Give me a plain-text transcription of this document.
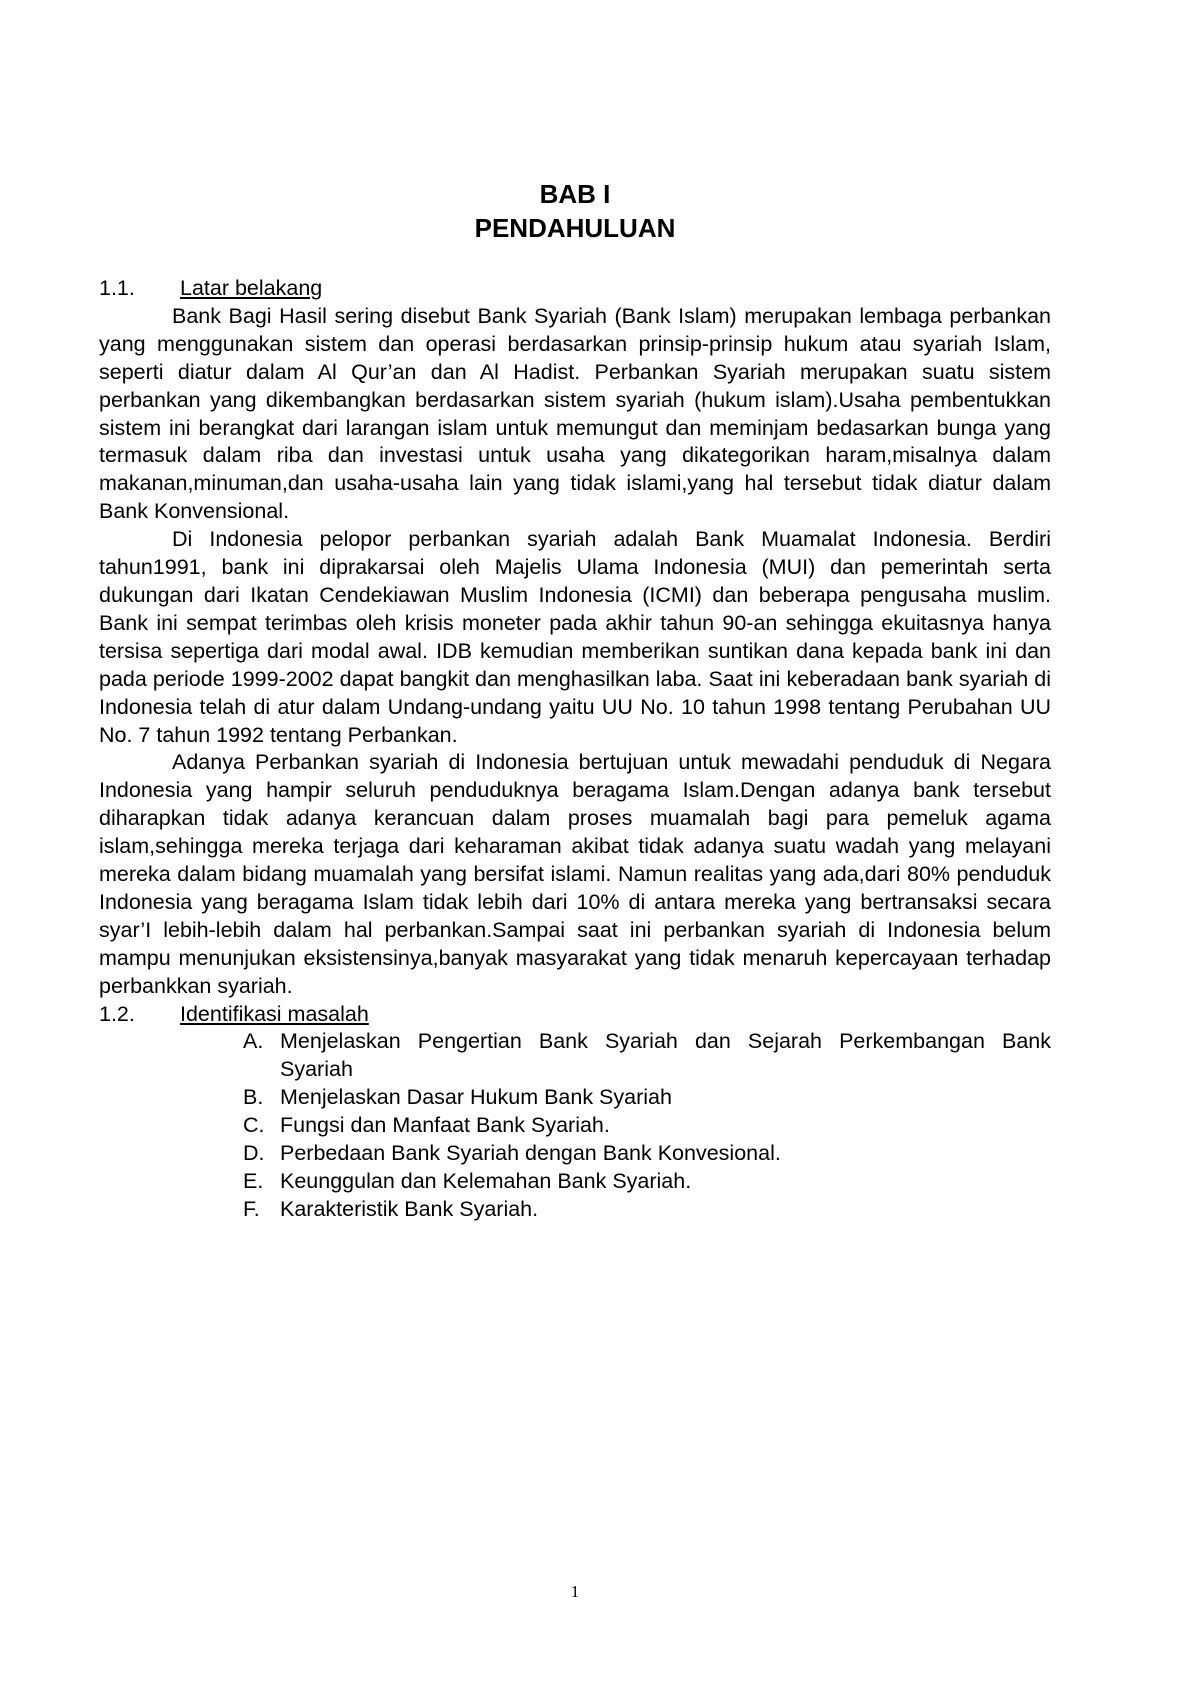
BAB I
PENDAHULUAN
1.1. Latar belakang

Bank Bagi Hasil sering disebut Bank Syariah (Bank Islam) merupakan lembaga perbankan yang menggunakan sistem dan operasi berdasarkan prinsip-prinsip hukum atau syariah Islam, seperti diatur dalam Al Qur’an dan Al Hadist. Perbankan Syariah merupakan suatu sistem perbankan yang dikembangkan berdasarkan sistem syariah (hukum islam).Usaha pembentukkan sistem ini berangkat dari larangan islam untuk memungut dan meminjam bedasarkan bunga yang termasuk dalam riba dan investasi untuk usaha yang dikategorikan haram,misalnya dalam makanan,minuman,dan usaha-usaha lain yang tidak islami,yang hal tersebut tidak diatur dalam Bank Konvensional.

Di Indonesia pelopor perbankan syariah adalah Bank Muamalat Indonesia. Berdiri tahun1991, bank ini diprakarsai oleh Majelis Ulama Indonesia (MUI) dan pemerintah serta dukungan dari Ikatan Cendekiawan Muslim Indonesia (ICMI) dan beberapa pengusaha muslim. Bank ini sempat terimbas oleh krisis moneter pada akhir tahun 90-an sehingga ekuitasnya hanya tersisa sepertiga dari modal awal. IDB kemudian memberikan suntikan dana kepada bank ini dan pada periode 1999-2002 dapat bangkit dan menghasilkan laba. Saat ini keberadaan bank syariah di Indonesia telah di atur dalam Undang-undang yaitu UU No. 10 tahun 1998 tentang Perubahan UU No. 7 tahun 1992 tentang Perbankan.

Adanya Perbankan syariah di Indonesia bertujuan untuk mewadahi penduduk di Negara Indonesia yang hampir seluruh penduduknya beragama Islam.Dengan adanya bank tersebut diharapkan tidak adanya kerancuan dalam proses muamalah bagi para pemeluk agama islam,sehingga mereka terjaga dari keharaman akibat tidak adanya suatu wadah yang melayani mereka dalam bidang muamalah yang bersifat islami. Namun realitas yang ada,dari 80% penduduk Indonesia yang beragama Islam tidak lebih dari 10% di antara mereka yang bertransaksi secara syar’I lebih-lebih dalam hal perbankan.Sampai saat ini perbankan syariah di Indonesia belum mampu menunjukan eksistensinya,banyak masyarakat yang tidak menaruh kepercayaan terhadap perbankkan syariah.

1.2. Identifikasi masalah
A. Menjelaskan Pengertian Bank Syariah dan Sejarah Perkembangan Bank Syariah
B. Menjelaskan Dasar Hukum Bank Syariah
C. Fungsi dan Manfaat Bank Syariah.
D. Perbedaan Bank Syariah dengan Bank Konvesional.
E. Keunggulan dan Kelemahan Bank Syariah.
F. Karakteristik Bank Syariah.
1
